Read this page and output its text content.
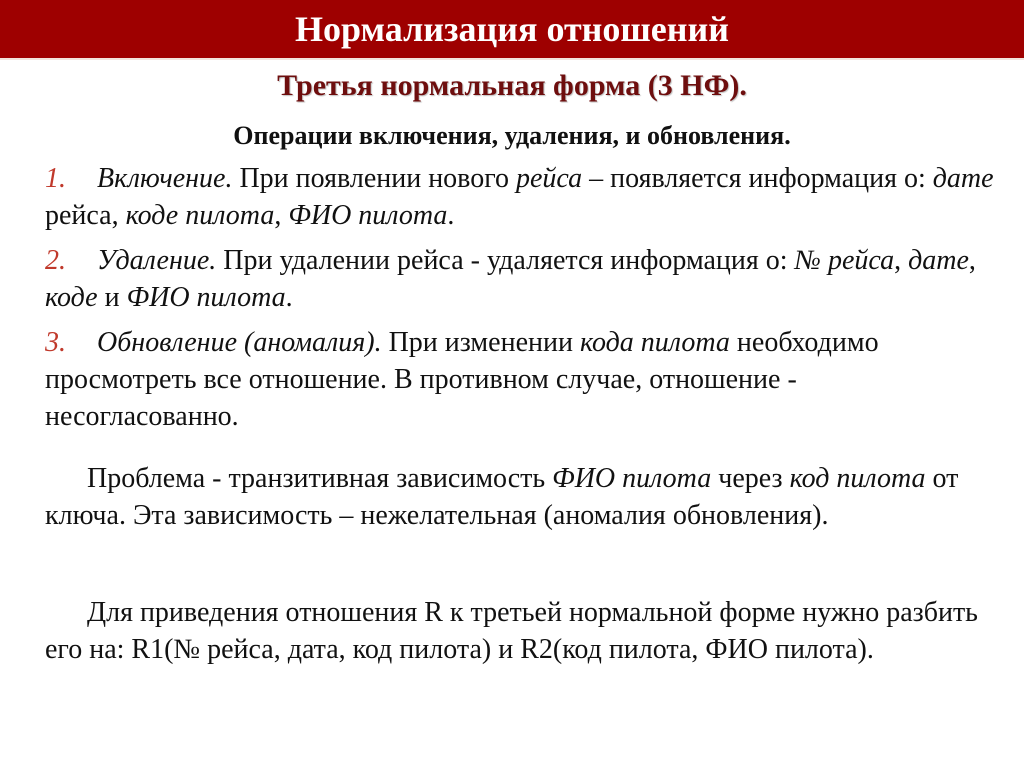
Нормализация отношений
Третья нормальная форма (3 НФ).
Операции включения, удаления, и обновления.
1. Включение. При появлении нового рейса – появляется информация о: дате рейса, коде пилота, ФИО пилота.
2. Удаление. При удалении рейса - удаляется информация о: № рейса, дате, коде и ФИО пилота.
3. Обновление (аномалия). При изменении кода пилота необходимо просмотреть все отношение. В противном случае, отношение - несогласованно.
Проблема - транзитивная зависимость ФИО пилота через код пилота от ключа. Эта зависимость – нежелательная (аномалия обновления).
Для приведения отношения R к третьей нормальной форме нужно разбить его на: R1(№ рейса, дата, код пилота) и R2(код пилота, ФИО пилота).
